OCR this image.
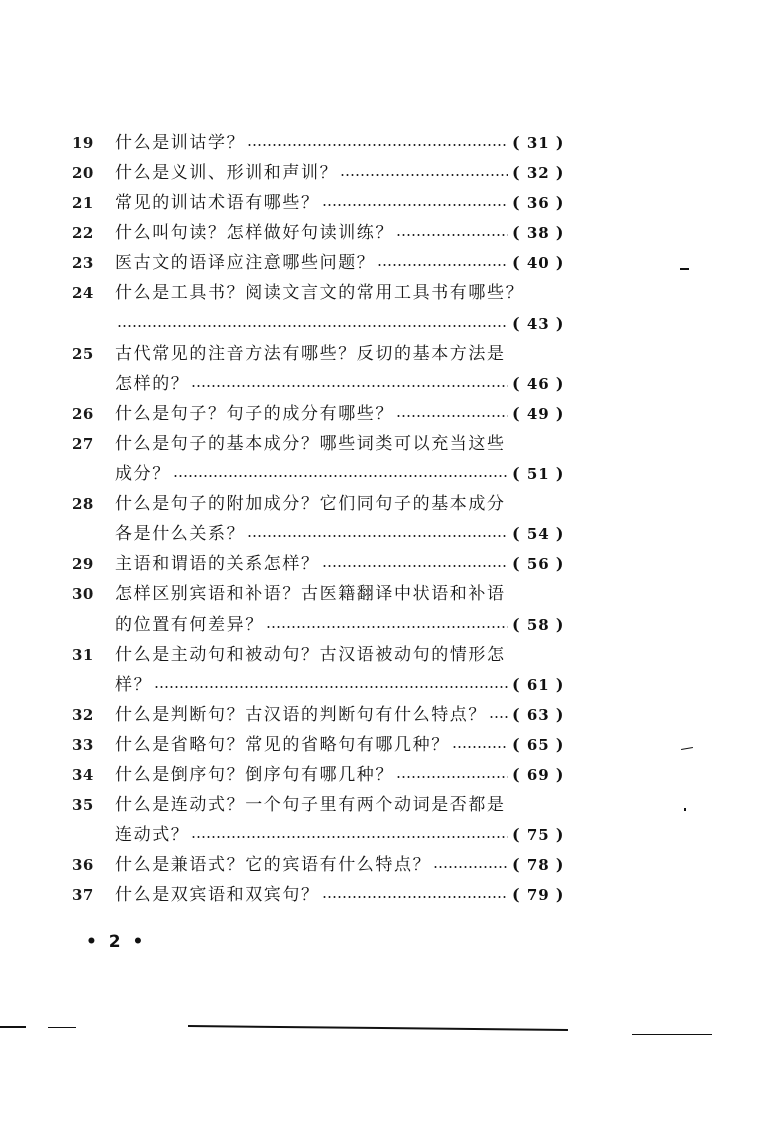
19	什么是训诂学？	( 31 )
20	什么是义训、形训和声训？	( 32 )
21	常见的训诂术语有哪些？	( 36 )
22	什么叫句读？怎样做好句读训练？	( 38 )
23	医古文的语译应注意哪些问题？	( 40 )
24	什么是工具书？阅读文言文的常用工具书有哪些？
( 43 )
25	古代常见的注音方法有哪些？反切的基本方法是
怎样的？	( 46 )
26	什么是句子？句子的成分有哪些？	( 49 )
27	什么是句子的基本成分？哪些词类可以充当这些
成分？	( 51 )
28	什么是句子的附加成分？它们同句子的基本成分
各是什么关系？	( 54 )
29	主语和谓语的关系怎样？	( 56 )
30	怎样区别宾语和补语？古医籍翻译中状语和补语
的位置有何差异？	( 58 )
31	什么是主动句和被动句？古汉语被动句的情形怎
样？	( 61 )
32	什么是判断句？古汉语的判断句有什么特点？ ( 63 )
33	什么是省略句？常见的省略句有哪几种？	( 65 )
34	什么是倒序句？倒序句有哪几种？	( 69 )
35	什么是连动式？一个句子里有两个动词是否都是
连动式？	( 75 )
36	什么是兼语式？它的宾语有什么特点？	( 78 )
37	什么是双宾语和双宾句？	( 79 )
• 2 •
